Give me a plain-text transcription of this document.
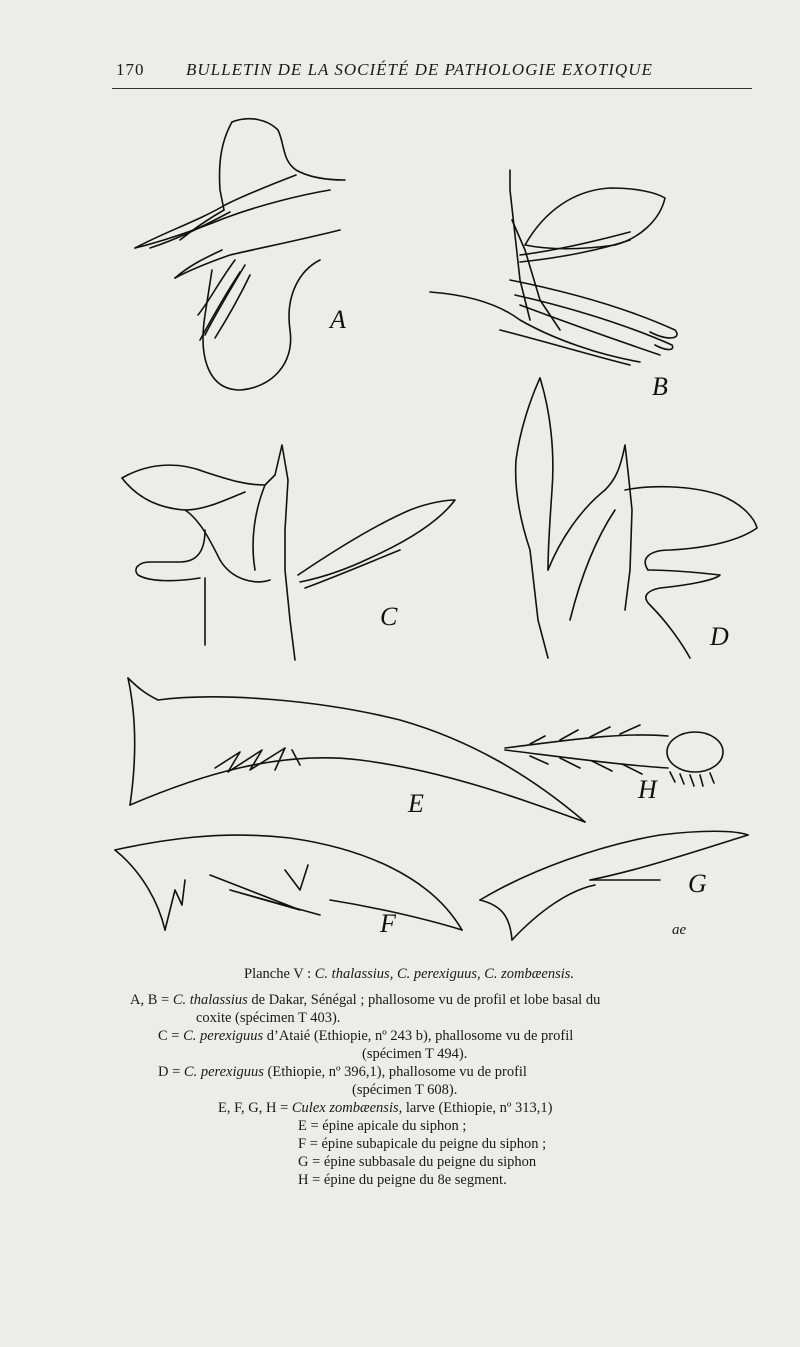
170 BULLETIN DE LA SOCIÉTÉ DE PATHOLOGIE EXOTIQUE
A
B
C
D
E	H
F
G
ae
Planche V : C. thalassius, C. perexiguus, C. zombæensis.
A, B = C. thalassius de Dakar, Sénégal ; phallosome vu de profil et lobe basal du
coxite (spécimen T 403).
C = C. perexiguus d’Ataié (Ethiopie, nº 243 b), phallosome vu de profil
(spécimen T 494).
D = C. perexiguus (Ethiopie, nº 396,1), phallosome vu de profil
(spécimen T 608).
E, F, G, H = Culex zombæensis, larve (Ethiopie, nº 313,1)
E = épine apicale du siphon ;
F = épine subapicale du peigne du siphon ;
G = épine subbasale du peigne du siphon
H = épine du peigne du 8e segment.
